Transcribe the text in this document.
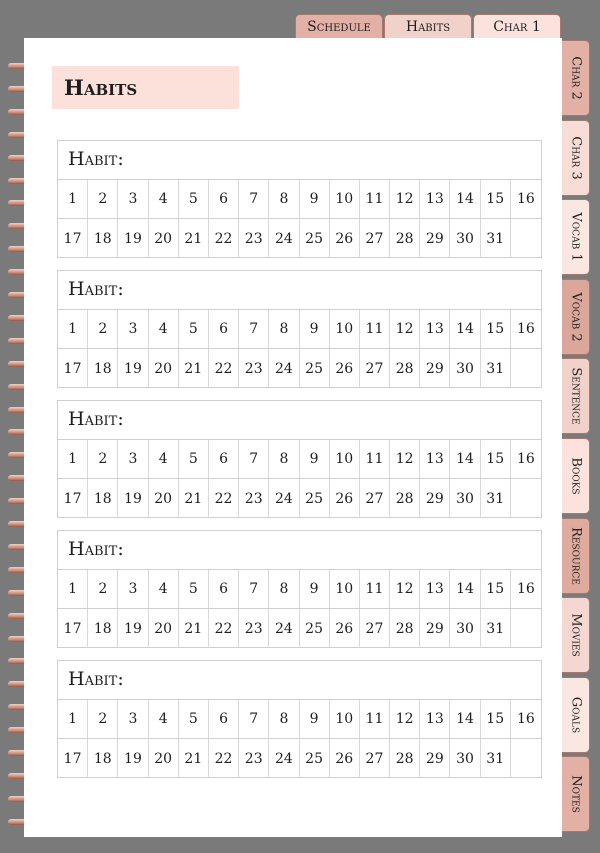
Schedule	Habits	Char 1
Char 2
Char 3
Vocab 1
Vocab 2
Sentence
Books
Resource
Movies
Goals
Notes
Habits
Habit:
1	2	3	4	5	6	7	8	9	10 11 12 13 14 15 16
17 18 19 20 21 22 23 24 25 26 27 28 29 30 31
Habit:
1	2	3	4	5	6	7	8	9	10 11 12 13 14 15 16
17 18 19 20 21 22 23 24 25 26 27 28 29 30 31
Habit:
1	2	3	4	5	6	7	8	9	10 11 12 13 14 15 16
17 18 19 20 21 22 23 24 25 26 27 28 29 30 31
Habit:
1	2	3	4	5	6	7	8	9	10 11 12 13 14 15 16
17 18 19 20 21 22 23 24 25 26 27 28 29 30 31
Habit:
1	2	3	4	5	6	7	8	9	10 11 12 13 14 15 16
17 18 19 20 21 22 23 24 25 26 27 28 29 30 31
